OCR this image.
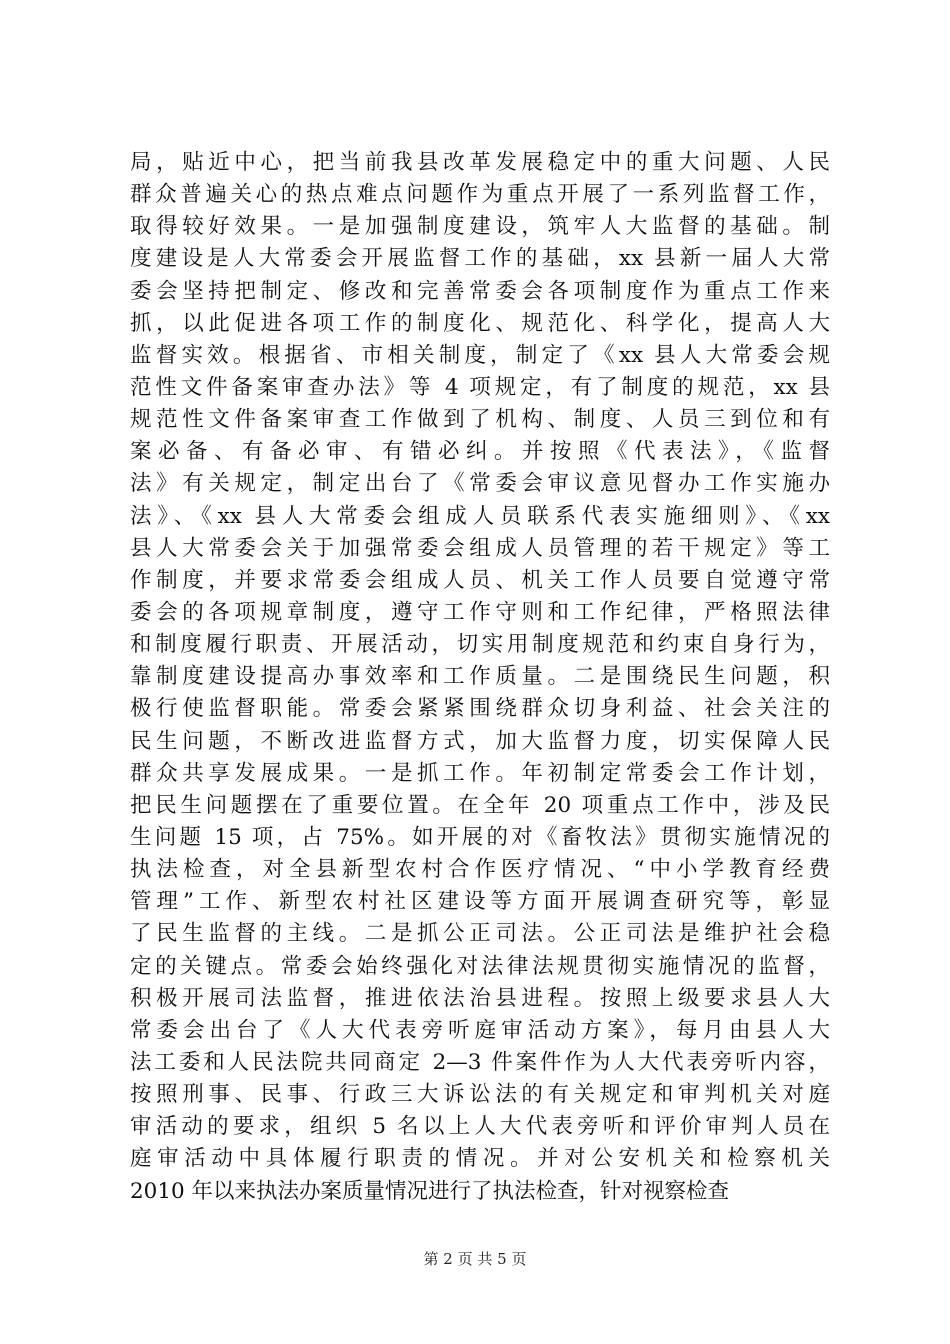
局，贴近中心，把当前我县改革发展稳定中的重大问题、人民
群众普遍关心的热点难点问题作为重点开展了一系列监督工作，
取得较好效果。一是加强制度建设，筑牢人大监督的基础。制
度建设是人大常委会开展监督工作的基础，xx 县新一届人大常
委会坚持把制定、修改和完善常委会各项制度作为重点工作来
抓，以此促进各项工作的制度化、规范化、科学化，提高人大
监督实效。根据省、市相关制度，制定了《xx 县人大常委会规
范性文件备案审查办法》等 4 项规定，有了制度的规范，xx 县
规范性文件备案审查工作做到了机构、制度、人员三到位和有
案必备、有备必审、有错必纠。并按照《代表法》，《监督
法》有关规定，制定出台了《常委会审议意见督办工作实施办
法》、《xx 县人大常委会组成人员联系代表实施细则》、《xx
县人大常委会关于加强常委会组成人员管理的若干规定》等工
作制度，并要求常委会组成人员、机关工作人员要自觉遵守常
委会的各项规章制度，遵守工作守则和工作纪律，严格照法律
和制度履行职责、开展活动，切实用制度规范和约束自身行为，
靠制度建设提高办事效率和工作质量。二是围绕民生问题，积
极行使监督职能。常委会紧紧围绕群众切身利益、社会关注的
民生问题，不断改进监督方式，加大监督力度，切实保障人民
群众共享发展成果。一是抓工作。年初制定常委会工作计划，
把民生问题摆在了重要位置。在全年 20 项重点工作中，涉及民
生问题 15 项，占 75%。如开展的对《畜牧法》贯彻实施情况的
执法检查，对全县新型农村合作医疗情况、“中小学教育经费
管理”工作、新型农村社区建设等方面开展调查研究等，彰显
了民生监督的主线。二是抓公正司法。公正司法是维护社会稳
定的关键点。常委会始终强化对法律法规贯彻实施情况的监督，
积极开展司法监督，推进依法治县进程。按照上级要求县人大
常委会出台了《人大代表旁听庭审活动方案》，每月由县人大
法工委和人民法院共同商定 2—3 件案件作为人大代表旁听内容，
按照刑事、民事、行政三大诉讼法的有关规定和审判机关对庭
审活动的要求，组织 5 名以上人大代表旁听和评价审判人员在
庭审活动中具体履行职责的情况。并对公安机关和检察机关
2010 年以来执法办案质量情况进行了执法检查，针对视察检查
第 2 页 共 5 页
